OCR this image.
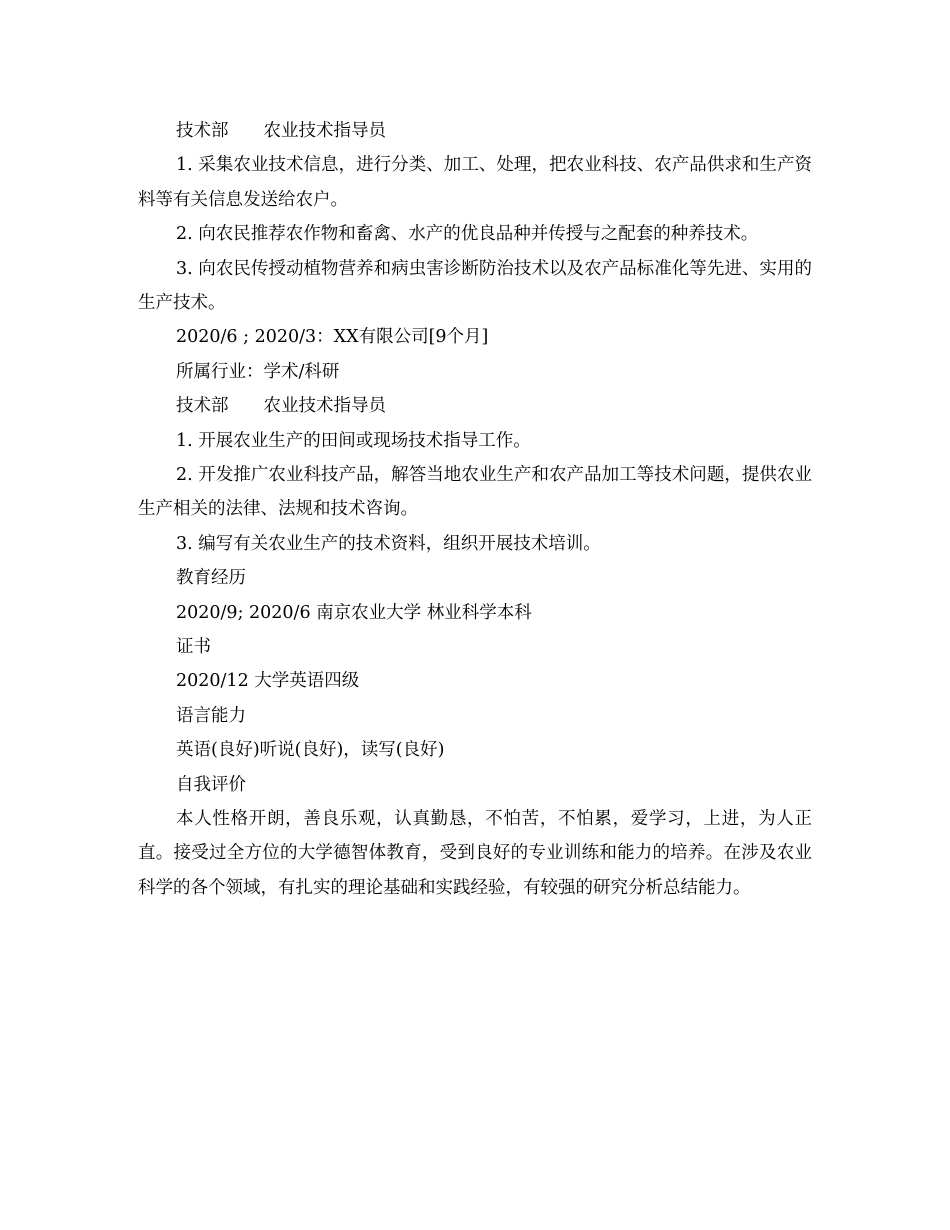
技术部　　农业技术指导员
1. 采集农业技术信息，进行分类、加工、处理，把农业科技、农产品供求和生产资料等有关信息发送给农户。
2. 向农民推荐农作物和畜禽、水产的优良品种并传授与之配套的种养技术。
3. 向农民传授动植物营养和病虫害诊断防治技术以及农产品标准化等先进、实用的生产技术。
2020/6 ; 2020/3：XX有限公司[9个月]
所属行业：学术/科研
技术部　　农业技术指导员
1. 开展农业生产的田间或现场技术指导工作。
2. 开发推广农业科技产品，解答当地农业生产和农产品加工等技术问题，提供农业生产相关的法律、法规和技术咨询。
3. 编写有关农业生产的技术资料，组织开展技术培训。
教育经历
2020/9; 2020/6 南京农业大学 林业科学本科
证书
2020/12 大学英语四级
语言能力
英语(良好)听说(良好)，读写(良好)
自我评价
本人性格开朗，善良乐观，认真勤恳，不怕苦，不怕累，爱学习，上进，为人正直。接受过全方位的大学德智体教育，受到良好的专业训练和能力的培养。在涉及农业科学的各个领域，有扎实的理论基础和实践经验，有较强的研究分析总结能力。
